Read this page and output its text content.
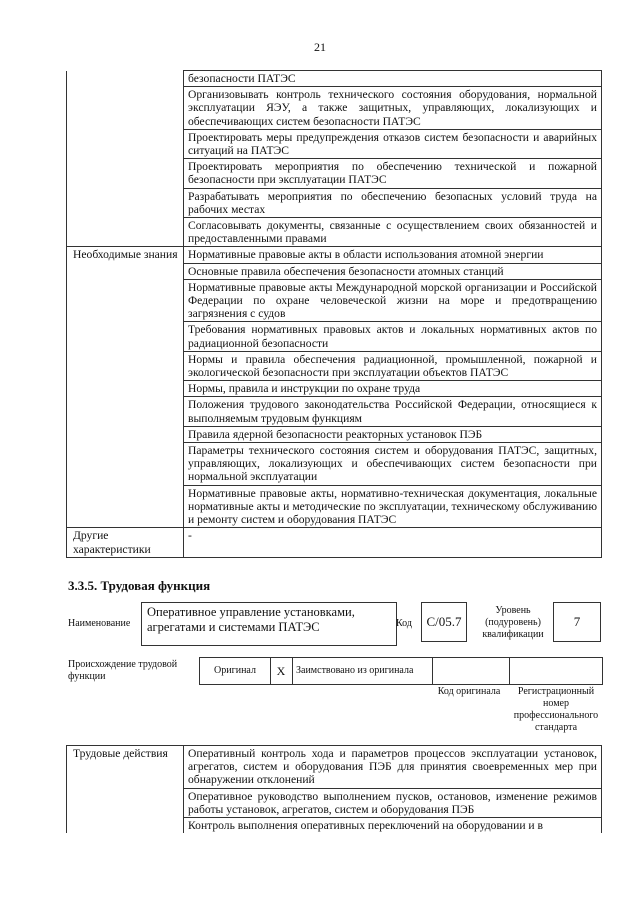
21
	безопасности ПАТЭС
	Организовывать контроль технического состояния оборудования, нормальной эксплуатации ЯЭУ, а также защитных, управляющих, локализующих и обеспечивающих систем безопасности ПАТЭС
	Проектировать меры предупреждения отказов систем безопасности и аварийных ситуаций на ПАТЭС
	Проектировать мероприятия по обеспечению технической и пожарной безопасности при эксплуатации ПАТЭС
	Разрабатывать мероприятия по обеспечению безопасных условий труда на рабочих местах
	Согласовывать документы, связанные с осуществлением своих обязанностей и предоставленными правами
Необходимые знания	Нормативные правовые акты в области использования атомной энергии
	Основные правила обеспечения безопасности атомных станций
	Нормативные правовые акты Международной морской организации и Российской Федерации по охране человеческой жизни на море и предотвращению загрязнения с судов
	Требования нормативных правовых актов и локальных нормативных актов по радиационной безопасности
	Нормы и правила обеспечения радиационной, промышленной, пожарной и экологической безопасности при эксплуатации объектов ПАТЭС
	Нормы, правила и инструкции по охране труда
	Положения трудового законодательства Российской Федерации, относящиеся к выполняемым трудовым функциям
	Правила ядерной безопасности реакторных установок ПЭБ
	Параметры технического состояния систем и оборудования ПАТЭС, защитных, управляющих, локализующих и обеспечивающих систем безопасности при нормальной эксплуатации
	Нормативные правовые акты, нормативно-техническая документация, локальные нормативные акты и методические по эксплуатации, техническому обслуживанию и ремонту систем и оборудования ПАТЭС
Другие характеристики	-
3.3.5. Трудовая функция
Наименование
Оперативное управление установками, агрегатами и системами ПАТЭС	Код	C/05.7
Уровень (подуровень) квалификации
7
Происхождение трудовой функции
Оригинал	X	Заимствовано из оригинала
Код оригинала	Регистрационный номер профессионального стандарта
Трудовые действия	Оперативный контроль хода и параметров процессов эксплуатации установок, агрегатов, систем и оборудования ПЭБ для принятия своевременных мер при обнаружении отклонений
	Оперативное руководство выполнением пусков, остановов, изменение режимов работы установок, агрегатов, систем и оборудования ПЭБ
	Контроль выполнения оперативных переключений на оборудовании и в
